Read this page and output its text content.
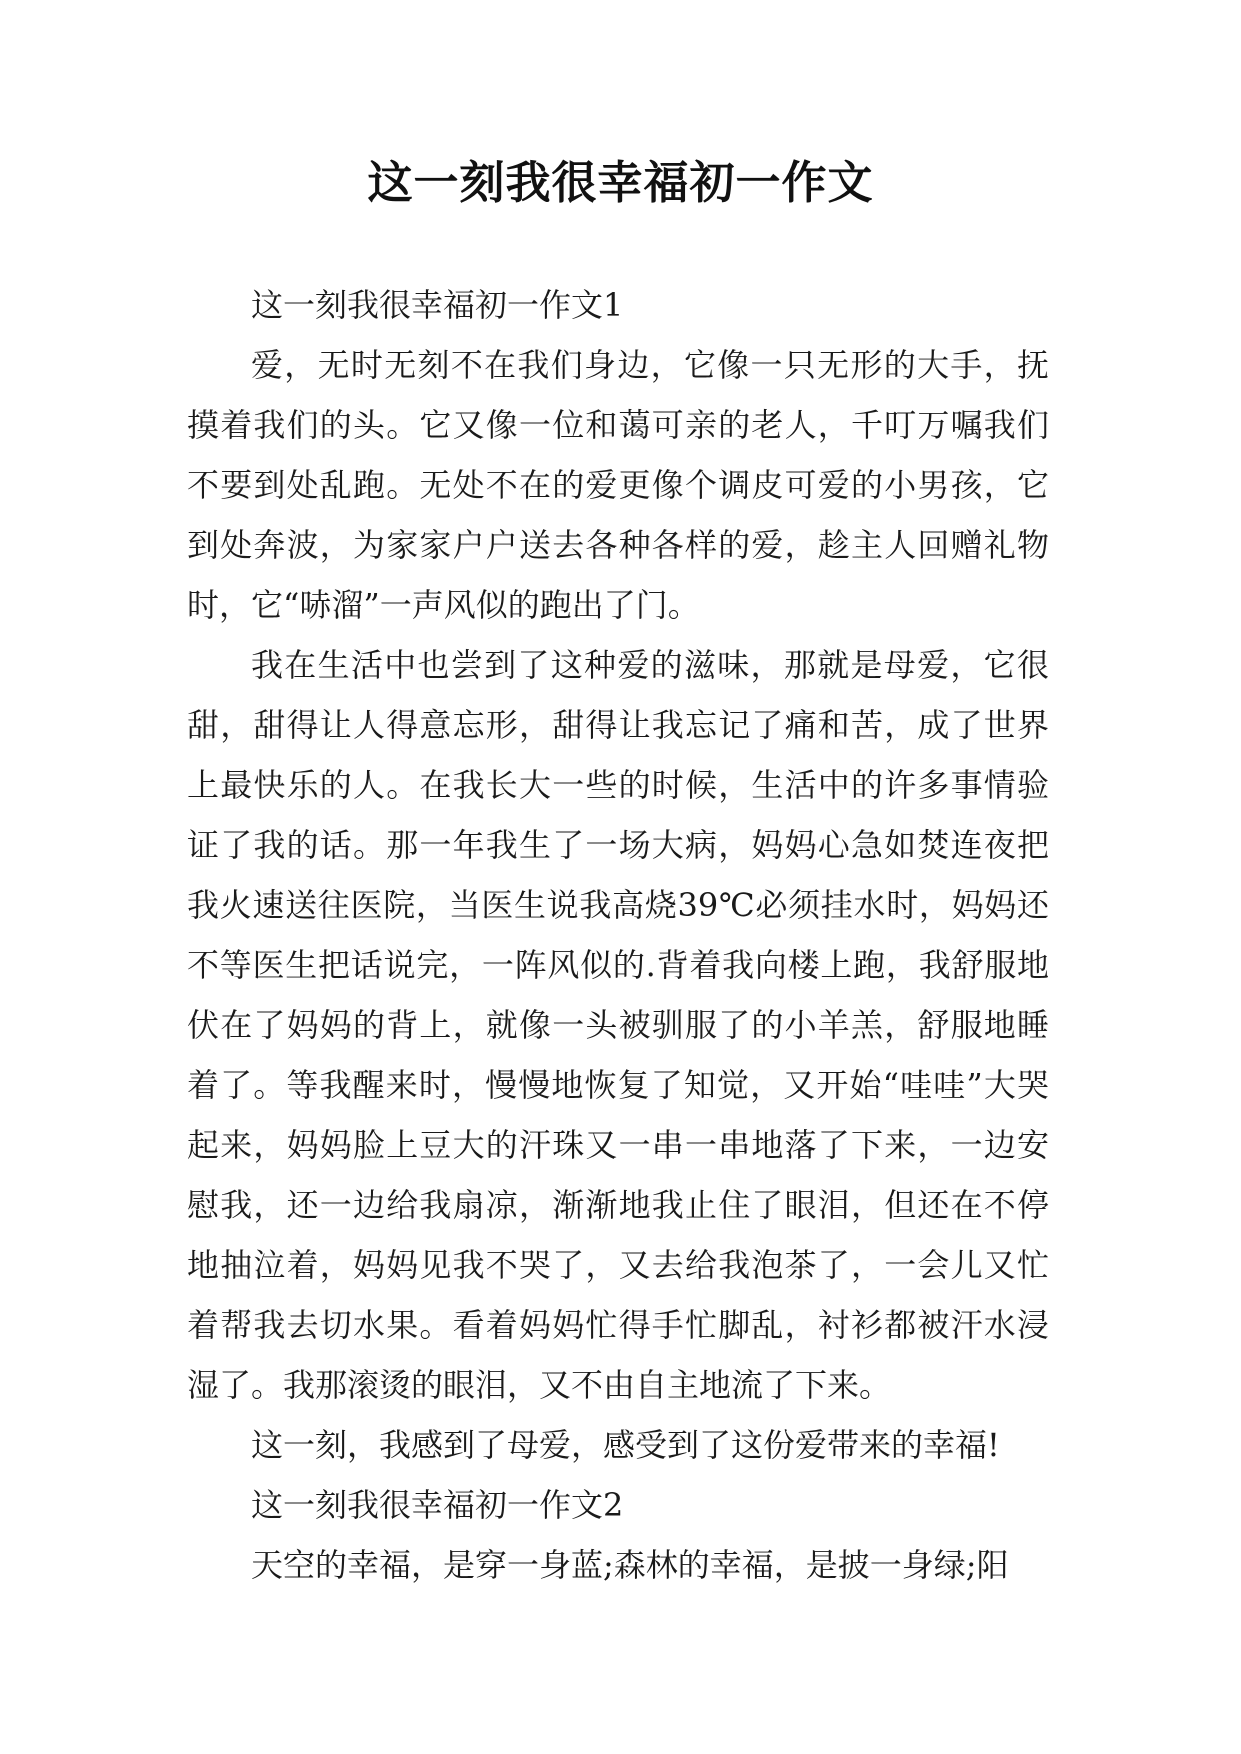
这一刻我很幸福初一作文

这一刻我很幸福初一作文1

爱，无时无刻不在我们身边，它像一只无形的大手，抚摸着我们的头。它又像一位和蔼可亲的老人，千叮万嘱我们不要到处乱跑。无处不在的爱更像个调皮可爱的小男孩，它到处奔波，为家家户户送去各种各样的爱，趁主人回赠礼物时，它“哧溜”一声风似的跑出了门。

我在生活中也尝到了这种爱的滋味，那就是母爱，它很甜，甜得让人得意忘形，甜得让我忘记了痛和苦，成了世界上最快乐的人。在我长大一些的时候，生活中的许多事情验证了我的话。那一年我生了一场大病，妈妈心急如焚连夜把我火速送往医院，当医生说我高烧39℃必须挂水时，妈妈还不等医生把话说完，一阵风似的.背着我向楼上跑，我舒服地伏在了妈妈的背上，就像一头被驯服了的小羊羔，舒服地睡着了。等我醒来时，慢慢地恢复了知觉，又开始“哇哇”大哭起来，妈妈脸上豆大的汗珠又一串一串地落了下来，一边安慰我，还一边给我扇凉，渐渐地我止住了眼泪，但还在不停地抽泣着，妈妈见我不哭了，又去给我泡茶了，一会儿又忙着帮我去切水果。看着妈妈忙得手忙脚乱，衬衫都被汗水浸湿了。我那滚烫的眼泪，又不由自主地流了下来。

这一刻，我感到了母爱，感受到了这份爱带来的幸福!

这一刻我很幸福初一作文2

天空的幸福，是穿一身蓝;森林的幸福，是披一身绿;阳
